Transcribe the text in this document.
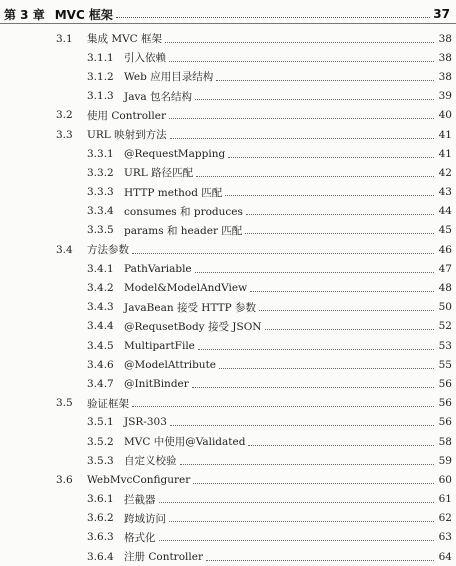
第 3 章 MVC 框架	37
3.1 集成 MVC 框架	38
3.1.1 引入依赖	38
3.1.2 Web 应用目录结构	38
3.1.3 Java 包名结构	39
3.2 使用 Controller	40
3.3 URL 映射到方法	41
3.3.1 @RequestMapping	41
3.3.2 URL 路径匹配	42
3.3.3 HTTP method 匹配	43
3.3.4 consumes 和 produces	44
3.3.5 params 和 header 匹配	45
3.4 方法参数	46
3.4.1 PathVariable	47
3.4.2 Model&ModelAndView	48
3.4.3 JavaBean 接受 HTTP 参数	50
3.4.4 @RequsetBody 接受 JSON	52
3.4.5 MultipartFile	53
3.4.6 @ModelAttribute	55
3.4.7 @InitBinder	56
3.5 验证框架	56
3.5.1 JSR-303	56
3.5.2 MVC 中使用@Validated	58
3.5.3 自定义校验	59
3.6 WebMvcConfigurer	60
3.6.1 拦截器	61
3.6.2 跨域访问	62
3.6.3 格式化	63
3.6.4 注册 Controller	64
